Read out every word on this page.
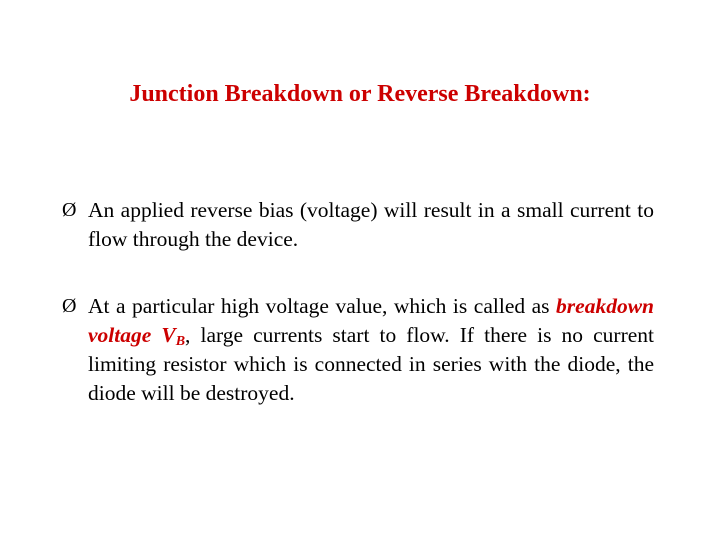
Junction Breakdown or Reverse Breakdown:
Ø An applied reverse bias (voltage) will result in a small current to flow through the device.
Ø At a particular high voltage value, which is called as breakdown voltage $V_B$, large currents start to flow. If there is no current limiting resistor which is connected in series with the diode, the diode will be destroyed.
